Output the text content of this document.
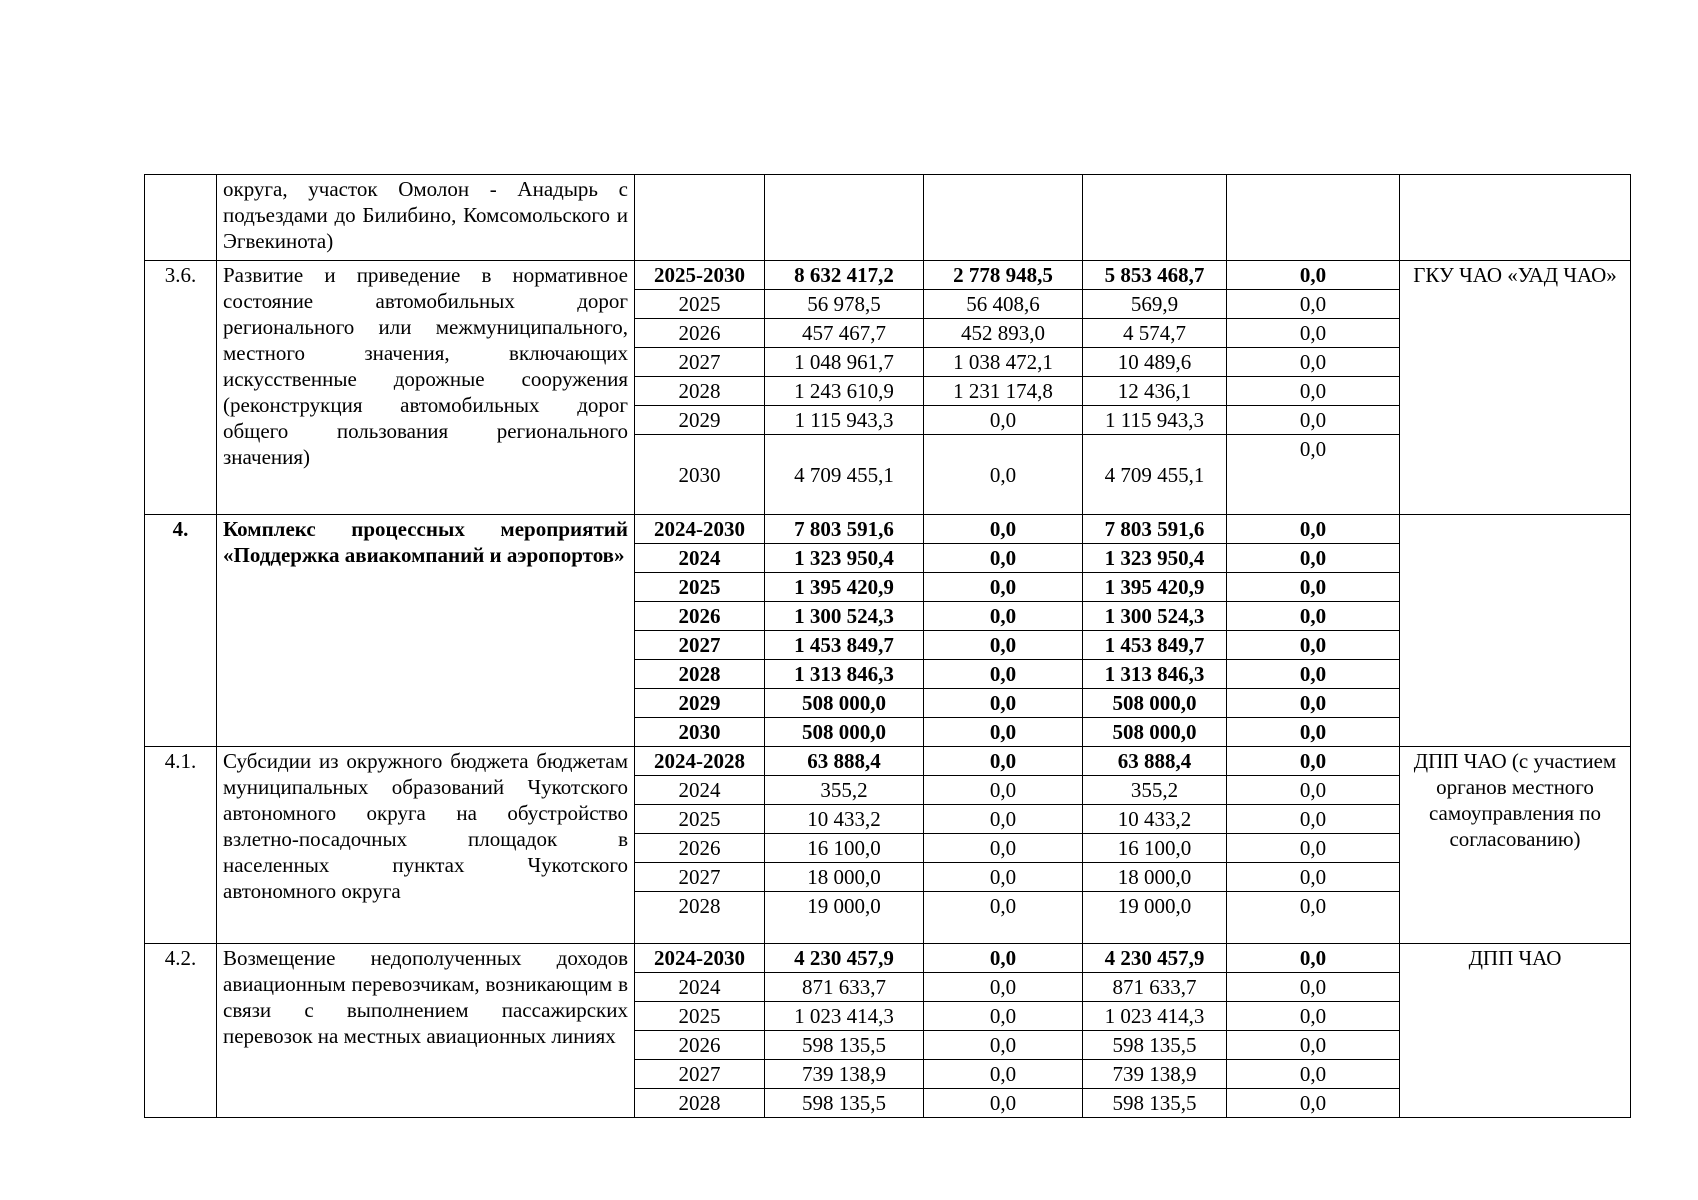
	округа, участок Омолон - Анадырь с подъездами до Билибино, Комсомольского и Эгвекинота)						
3.6.	Развитие и приведение в нормативное состояние автомобильных дорог регионального или межмуниципального, местного значения, включающих искусственные дорожные сооружения (реконструкция автомобильных дорог общего пользования регионального значения)	2025-2030	8 632 417,2	2 778 948,5	5 853 468,7	0,0	ГКУ ЧАО «УАД ЧАО»
		2025	56 978,5	56 408,6	569,9	0,0	
		2026	457 467,7	452 893,0	4 574,7	0,0	
		2027	1 048 961,7	1 038 472,1	10 489,6	0,0	
		2028	1 243 610,9	1 231 174,8	12 436,1	0,0	
		2029	1 115 943,3	0,0	1 115 943,3	0,0	
		2030	4 709 455,1	0,0	4 709 455,1	0,0	
4.	Комплекс процессных мероприятий «Поддержка авиакомпаний и аэропортов»	2024-2030	7 803 591,6	0,0	7 803 591,6	0,0	
		2024	1 323 950,4	0,0	1 323 950,4	0,0	
		2025	1 395 420,9	0,0	1 395 420,9	0,0	
		2026	1 300 524,3	0,0	1 300 524,3	0,0	
		2027	1 453 849,7	0,0	1 453 849,7	0,0	
		2028	1 313 846,3	0,0	1 313 846,3	0,0	
		2029	508 000,0	0,0	508 000,0	0,0	
		2030	508 000,0	0,0	508 000,0	0,0	
4.1.	Субсидии из окружного бюджета бюджетам муниципальных образований Чукотского автономного округа на обустройство взлетно-посадочных площадок в населенных пунктах Чукотского автономного округа	2024-2028	63 888,4	0,0	63 888,4	0,0	ДПП ЧАО (с участием органов местного самоуправления по согласованию)
		2024	355,2	0,0	355,2	0,0	
		2025	10 433,2	0,0	10 433,2	0,0	
		2026	16 100,0	0,0	16 100,0	0,0	
		2027	18 000,0	0,0	18 000,0	0,0	
		2028	19 000,0	0,0	19 000,0	0,0	
4.2.	Возмещение недополученных доходов авиационным перевозчикам, возникающим в связи с выполнением пассажирских перевозок на местных авиационных линиях	2024-2030	4 230 457,9	0,0	4 230 457,9	0,0	ДПП ЧАО
		2024	871 633,7	0,0	871 633,7	0,0	
		2025	1 023 414,3	0,0	1 023 414,3	0,0	
		2026	598 135,5	0,0	598 135,5	0,0	
		2027	739 138,9	0,0	739 138,9	0,0	
		2028	598 135,5	0,0	598 135,5	0,0	
